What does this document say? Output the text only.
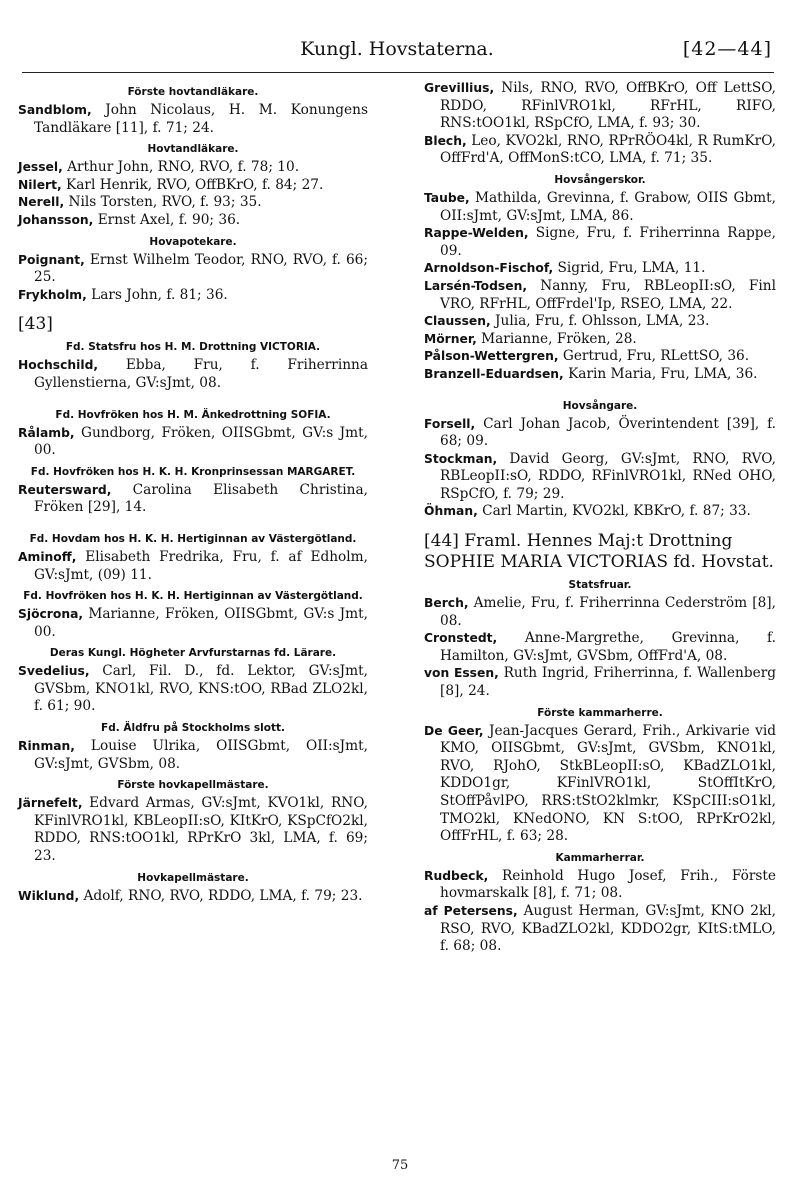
Kungl. Hovstaterna.	[42—44]
Förste hovtandläkare.

Sandblom, John Nicolaus, H. M. Konungens Tandläkare [11], f. 71; 24.

Hovtandläkare.

Jessel, Arthur John, RNO, RVO, f. 78; 10.

Nilert, Karl Henrik, RVO, OffBKrO, f. 84; 27.

Nerell, Nils Torsten, RVO, f. 93; 35.

Johansson, Ernst Axel, f. 90; 36.

Hovapotekare.

Poignant, Ernst Wilhelm Teodor, RNO, RVO, f. 66; 25.

Frykholm, Lars John, f. 81; 36.

[43]
Fd. Statsfru hos H. M. Drottning VICTORIA.

Hochschild, Ebba, Fru, f. Friherrinna Gyllenstierna, GV:sJmt, 08.

Fd. Hovfröken hos H. M. Änkedrottning SOFIA.

Rålamb, Gundborg, Fröken, OIISGbmt, GV:s Jmt, 00.

Fd. Hovfröken hos H. K. H. Kronprinsessan MARGARET.

Reutersward, Carolina Elisabeth Christina, Fröken [29], 14.

Fd. Hovdam hos H. K. H. Hertiginnan av Västergötland.

Aminoff, Elisabeth Fredrika, Fru, f. af Edholm, GV:sJmt, (09) 11.

Fd. Hovfröken hos H. K. H. Hertiginnan av Västergötland.

Sjöcrona, Marianne, Fröken, OIISGbmt, GV:s Jmt, 00.

Deras Kungl. Högheter Arvfurstarnas fd. Lärare.

Svedelius, Carl, Fil. D., fd. Lektor, GV:sJmt, GVSbm, KNO1kl, RVO, KNS:tOO, RBad ZLO2kl, f. 61; 90.

Fd. Äldfru på Stockholms slott.

Rinman, Louise Ulrika, OIISGbmt, OII:sJmt, GV:sJmt, GVSbm, 08.

Förste hovkapellmästare.

Järnefelt, Edvard Armas, GV:sJmt, KVO1kl, RNO, KFinlVRO1kl, KBLeopII:sO, KItKrO, KSpCfO2kl, RDDO, RNS:tOO1kl, RPrKrO 3kl, LMA, f. 69; 23.

Hovkapellmästare.

Wiklund, Adolf, RNO, RVO, RDDO, LMA, f. 79; 23.

Grevillius, Nils, RNO, RVO, OffBKrO, Off LettSO, RDDO, RFinlVRO1kl, RFrHL, RIFO, RNS:tOO1kl, RSpCfO, LMA, f. 93; 30.

Blech, Leo, KVO2kl, RNO, RPrRÖO4kl, R RumKrO, OffFrd'A, OffMonS:tCO, LMA, f. 71; 35.

Hovsångerskor.

Taube, Mathilda, Grevinna, f. Grabow, OIIS Gbmt, OII:sJmt, GV:sJmt, LMA, 86.

Rappe-Welden, Signe, Fru, f. Friherrinna Rappe, 09.

Arnoldson-Fischof, Sigrid, Fru, LMA, 11.

Larsén-Todsen, Nanny, Fru, RBLeopII:sO, Finl VRO, RFrHL, OffFrdel'Ip, RSEO, LMA, 22.

Claussen, Julia, Fru, f. Ohlsson, LMA, 23.

Mörner, Marianne, Fröken, 28.

Pålson-Wettergren, Gertrud, Fru, RLettSO, 36.

Branzell-Eduardsen, Karin Maria, Fru, LMA, 36.

Hovsångare.

Forsell, Carl Johan Jacob, Överintendent [39], f. 68; 09.

Stockman, David Georg, GV:sJmt, RNO, RVO, RBLeopII:sO, RDDO, RFinlVRO1kl, RNed OHO, RSpCfO, f. 79; 29.

Öhman, Carl Martin, KVO2kl, KBKrO, f. 87; 33.

[44] Framl. Hennes Maj:t Drottning SOPHIE MARIA VICTORIAS fd. Hovstat.
Statsfruar.

Berch, Amelie, Fru, f. Friherrinna Cederström [8], 08.

Cronstedt, Anne-Margrethe, Grevinna, f. Hamilton, GV:sJmt, GVSbm, OffFrd'A, 08.

von Essen, Ruth Ingrid, Friherrinna, f. Wallenberg [8], 24.

Förste kammarherre.

De Geer, Jean-Jacques Gerard, Frih., Arkivarie vid KMO, OIISGbmt, GV:sJmt, GVSbm, KNO1kl, RVO, RJohO, StkBLeopII:sO, KBadZLO1kl, KDDO1gr, KFinlVRO1kl, StOffItKrO, StOffPåvlPO, RRS:tStO2klmkr, KSpCIII:sO1kl, TMO2kl, KNedONO, KN S:tOO, RPrKrO2kl, OffFrHL, f. 63; 28.

Kammarherrar.

Rudbeck, Reinhold Hugo Josef, Frih., Förste hovmarskalk [8], f. 71; 08.

af Petersens, August Herman, GV:sJmt, KNO 2kl, RSO, RVO, KBadZLO2kl, KDDO2gr, KItS:tMLO, f. 68; 08.

75
